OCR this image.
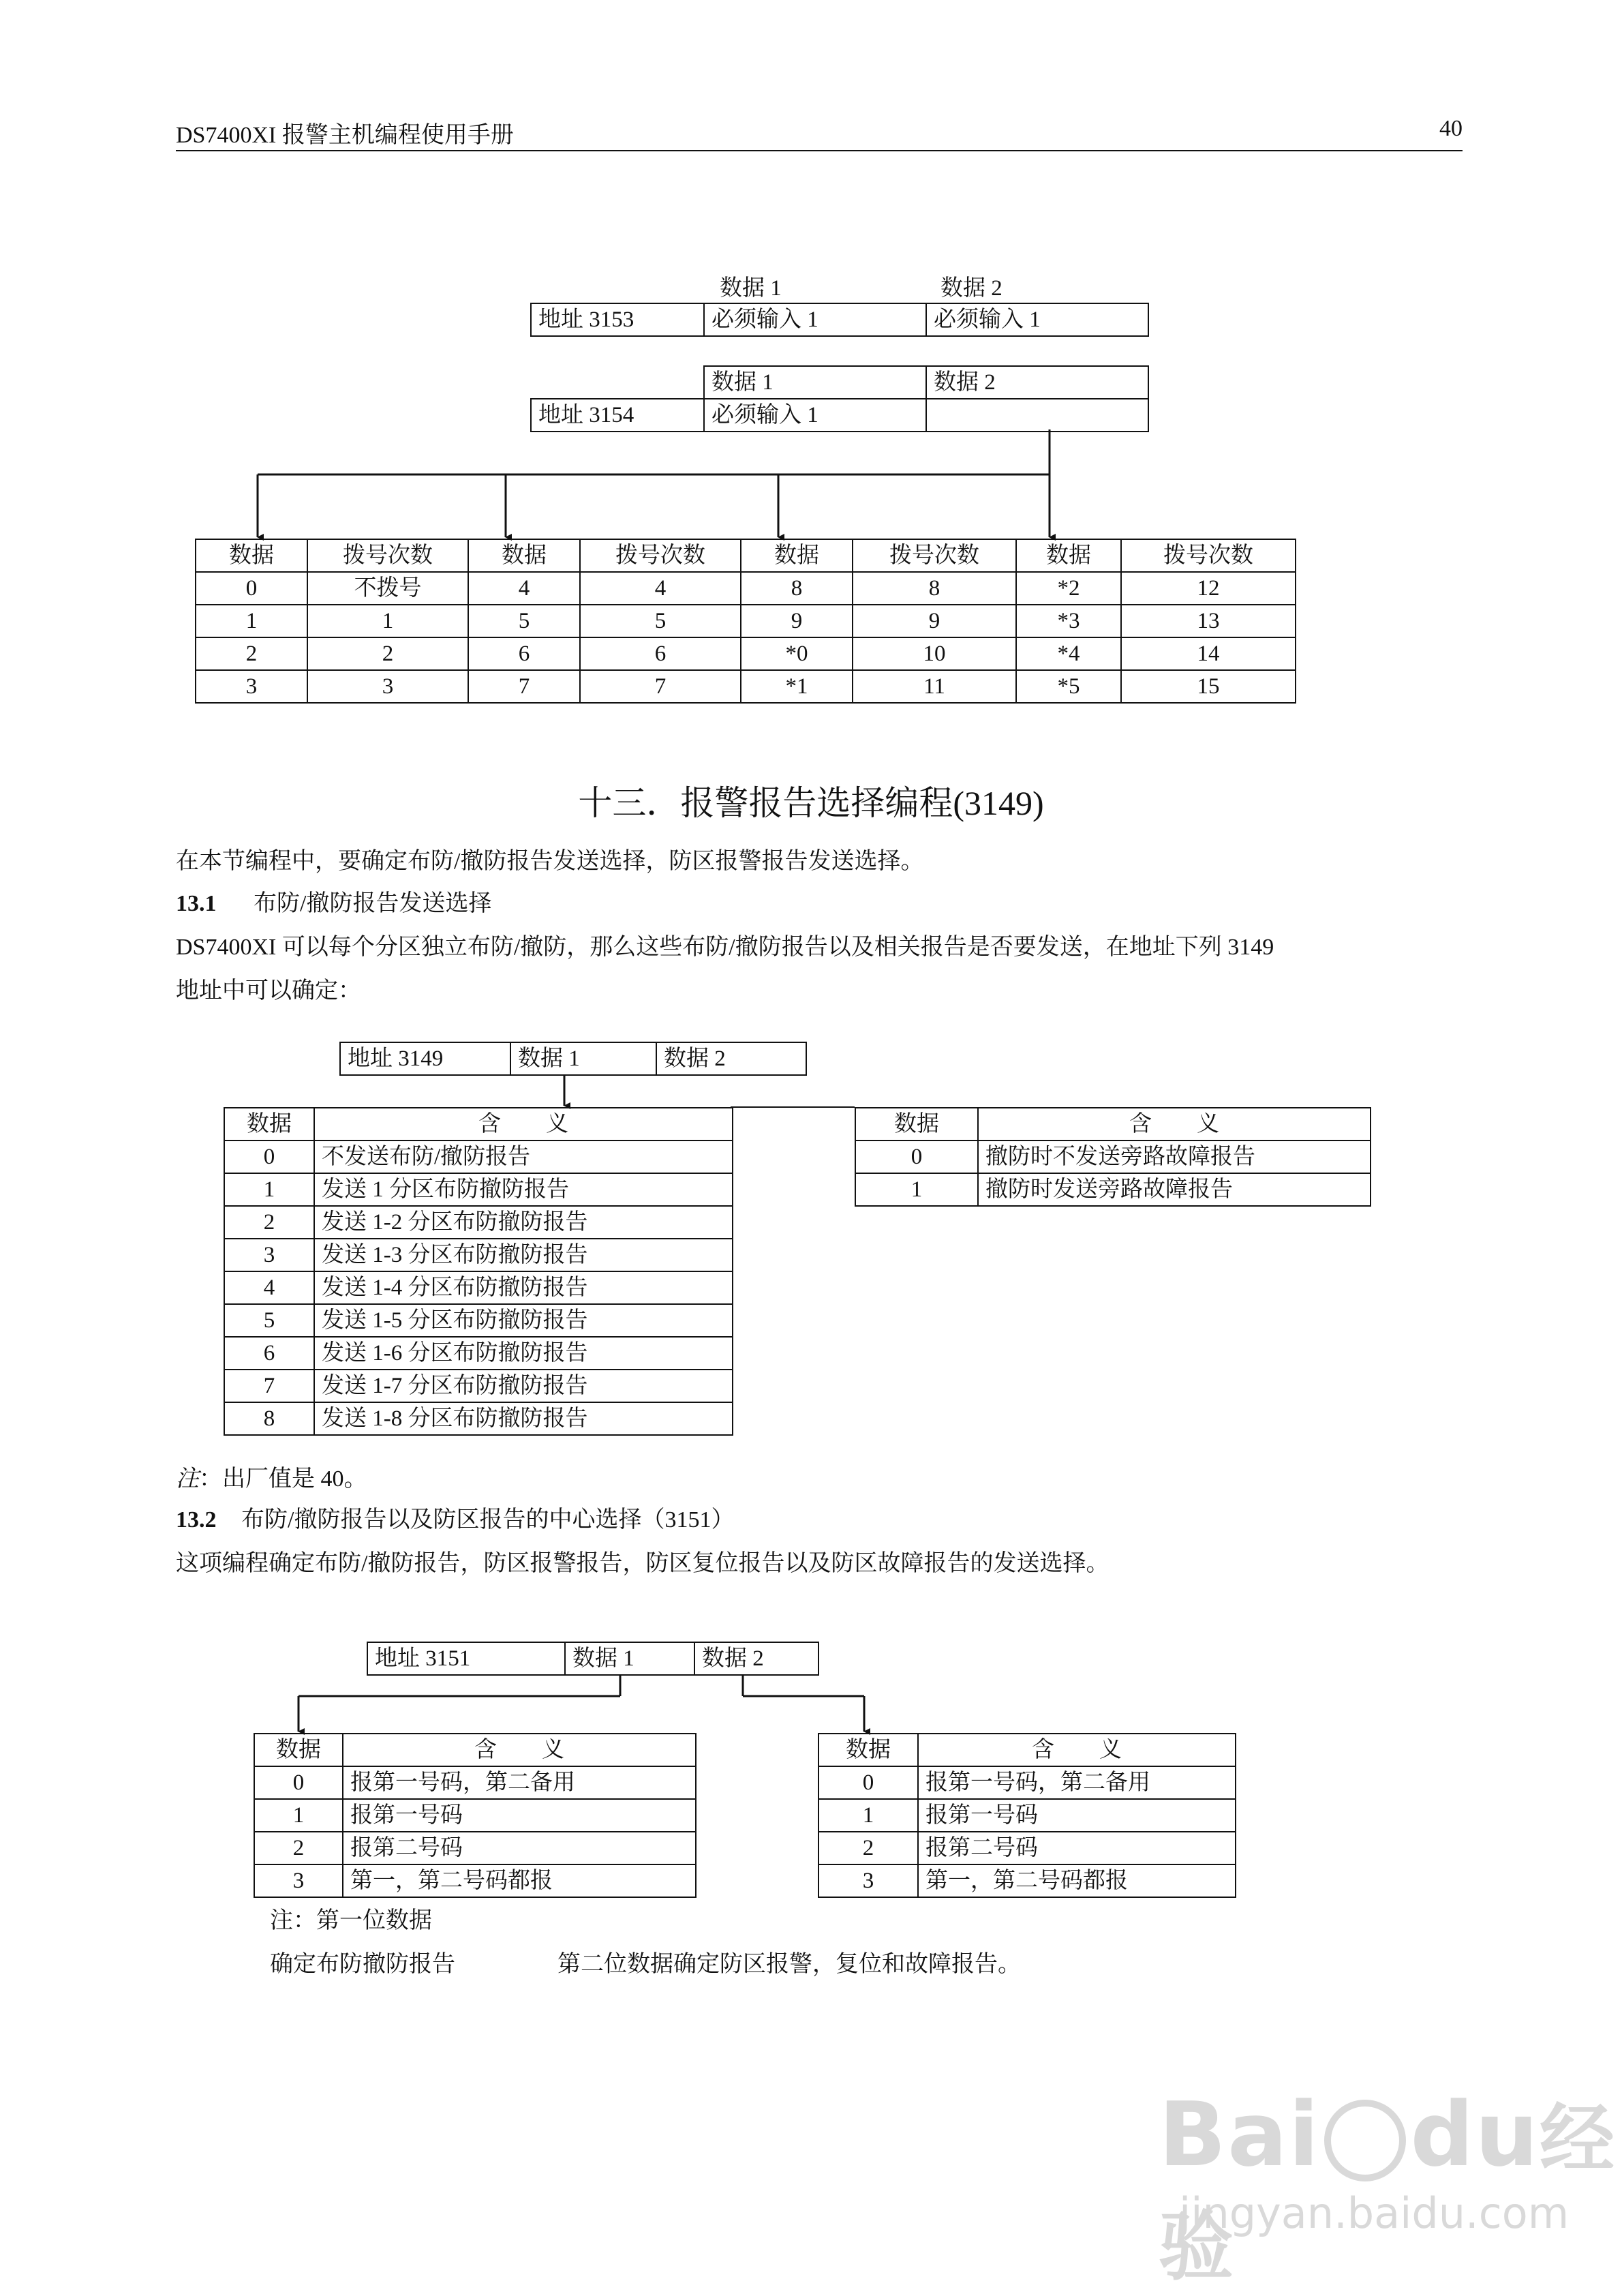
DS7400XI 报警主机编程使用手册	40
数据 1	数据 2
地址 3153	必须输入 1	必须输入 1
	数据 1	数据 2
地址 3154	必须输入 1	
数据	拨号次数	数据	拨号次数	数据	拨号次数	数据	拨号次数
0	不拨号	4	4	8	8	*2	12
1	1	5	5	9	9	*3	13
2	2	6	6	*0	10	*4	14
3	3	7	7	*1	11	*5	15
十三．报警报告选择编程(3149)
在本节编程中，要确定布防/撤防报告发送选择，防区报警报告发送选择。
13.1 布防/撤防报告发送选择
DS7400XI 可以每个分区独立布防/撤防，那么这些布防/撤防报告以及相关报告是否要发送，在地址下列 3149
地址中可以确定：
地址 3149	数据 1	数据 2
数据	含　　义
0	不发送布防/撤防报告
1	发送 1 分区布防撤防报告
2	发送 1-2 分区布防撤防报告
3	发送 1-3 分区布防撤防报告
4	发送 1-4 分区布防撤防报告
5	发送 1-5 分区布防撤防报告
6	发送 1-6 分区布防撤防报告
7	发送 1-7 分区布防撤防报告
8	发送 1-8 分区布防撤防报告
数据	含　　义
0	撤防时不发送旁路故障报告
1	撤防时发送旁路故障报告
注：出厂值是 40。
13.2 布防/撤防报告以及防区报告的中心选择（3151）
这项编程确定布防/撤防报告，防区报警报告，防区复位报告以及防区故障报告的发送选择。
地址 3151	数据 1	数据 2
数据	含　　义
0	报第一号码，第二备用
1	报第一号码
2	报第二号码
3	第一，第二号码都报
数据	含　　义
0	报第一号码，第二备用
1	报第一号码
2	报第二号码
3	第一，第二号码都报
注：第一位数据
确定布防撤防报告	第二位数据确定防区报警，复位和故障报告。
Bai du经验
jingyan.baidu.com
